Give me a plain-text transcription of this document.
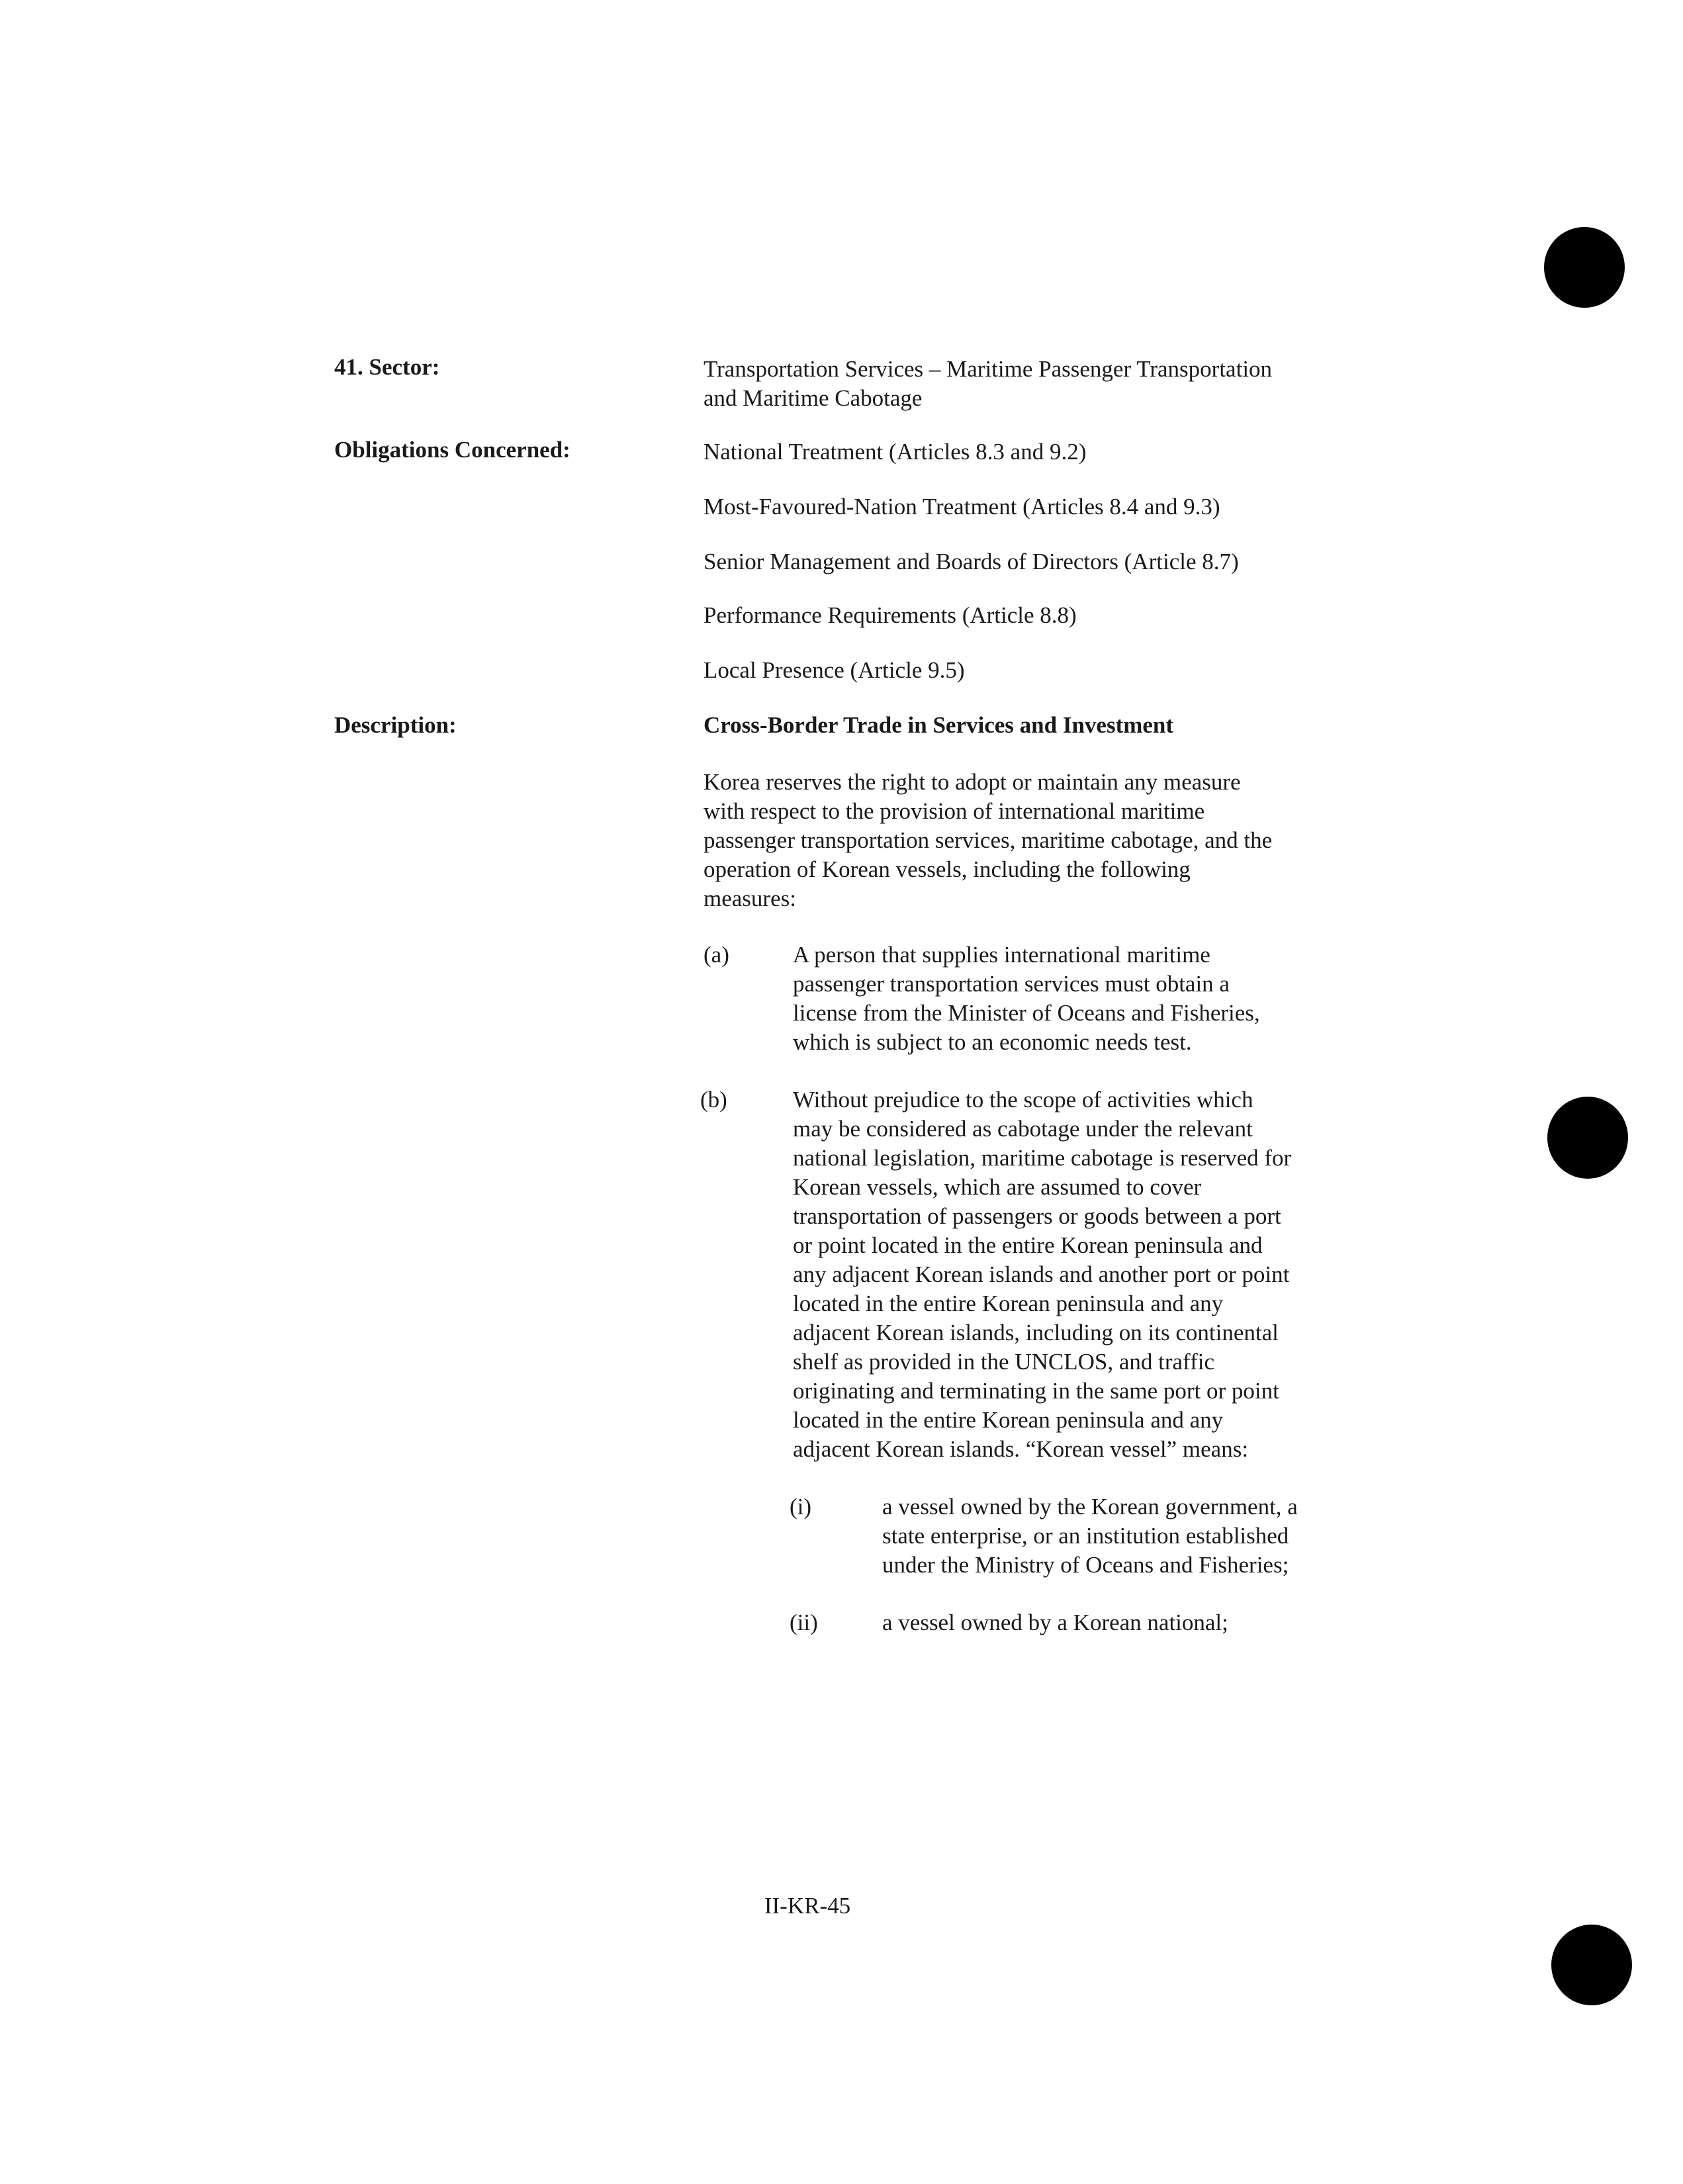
41. Sector:	Transportation Services – Maritime Passenger Transportation
and Maritime Cabotage
Obligations Concerned:	National Treatment (Articles 8.3 and 9.2)
Most-Favoured-Nation Treatment (Articles 8.4 and 9.3)
Senior Management and Boards of Directors (Article 8.7)
Performance Requirements (Article 8.8)
Local Presence (Article 9.5)
Description:	Cross-Border Trade in Services and Investment
Korea reserves the right to adopt or maintain any measure
with respect to the provision of international maritime
passenger transportation services, maritime cabotage, and the
operation of Korean vessels, including the following
measures:
(a)	A person that supplies international maritime
passenger transportation services must obtain a
license from the Minister of Oceans and Fisheries,
which is subject to an economic needs test.
(b)	Without prejudice to the scope of activities which
may be considered as cabotage under the relevant
national legislation, maritime cabotage is reserved for
Korean vessels, which are assumed to cover
transportation of passengers or goods between a port
or point located in the entire Korean peninsula and
any adjacent Korean islands and another port or point
located in the entire Korean peninsula and any
adjacent Korean islands, including on its continental
shelf as provided in the UNCLOS, and traffic
originating and terminating in the same port or point
located in the entire Korean peninsula and any
adjacent Korean islands. “Korean vessel” means:
(i)	a vessel owned by the Korean government, a
state enterprise, or an institution established
under the Ministry of Oceans and Fisheries;
(ii)	a vessel owned by a Korean national;
II-KR-45
